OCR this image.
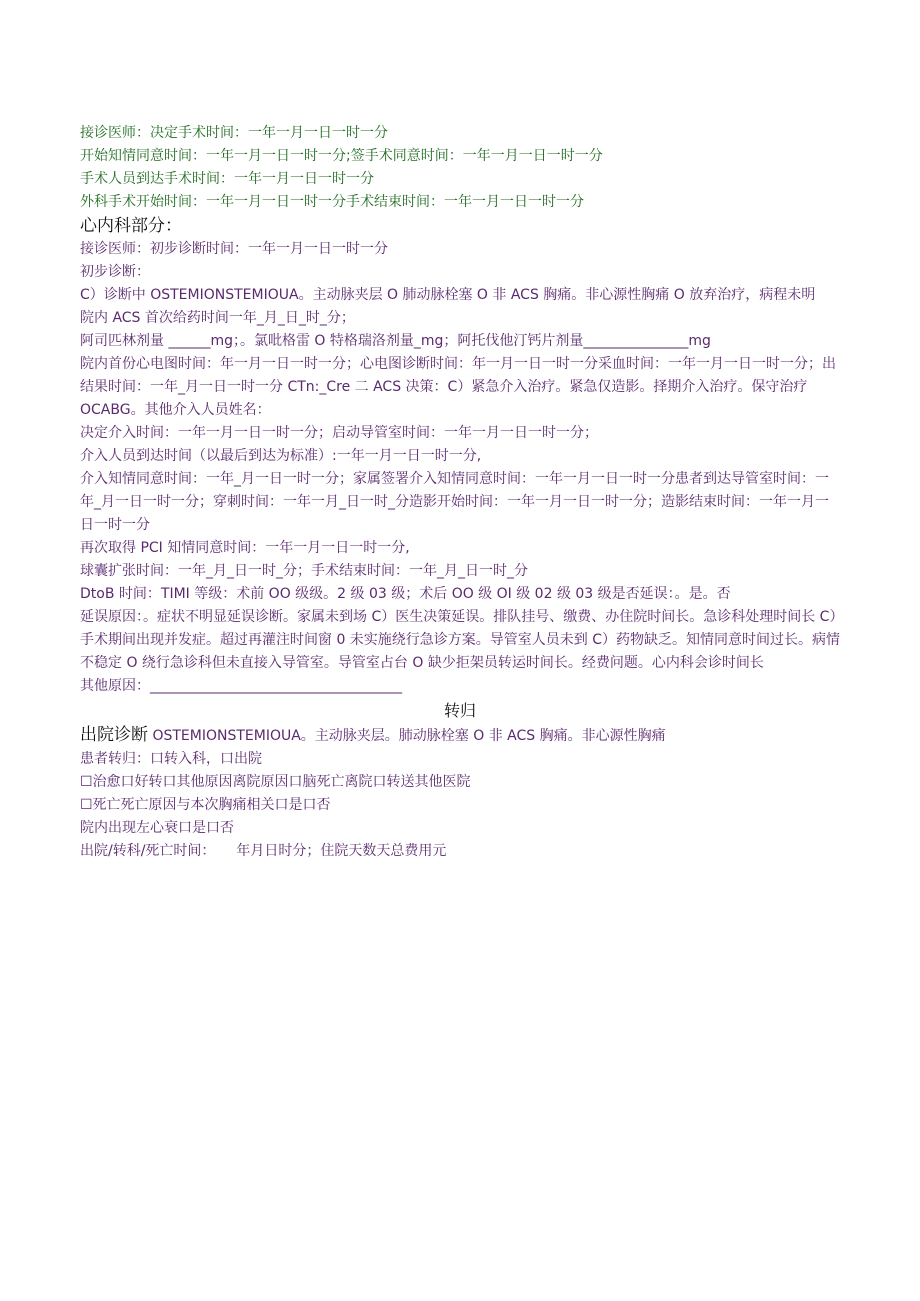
接诊医师：决定手术时间：一年一月一日一时一分
开始知情同意时间：一年一月一日一时一分;签手术同意时间：一年一月一日一时一分
手术人员到达手术时间：一年一月一日一时一分
外科手术开始时间：一年一月一日一时一分手术结束时间：一年一月一日一时一分
心内科部分：
接诊医师：初步诊断时间：一年一月一日一时一分
初步诊断：
C）诊断中 OSTEMIONSTEMIOUA。主动脉夹层 O 肺动脉栓塞 O 非 ACS 胸痛。非心源性胸痛 O 放弃治疗，病程未明
院内 ACS 首次给药时间一年_月_日_时_分；
阿司匹林剂量 ______mg；。氯吡格雷 O 特格瑞洛剂量_mg；阿托伐他汀钙片剂量_______________mg
院内首份心电图时间：年一月一日一时一分；心电图诊断时间：年一月一日一时一分采血时间：一年一月一日一时一分；出结果时间：一年_月一日一时一分 CTn:_Cre 二 ACS 决策：C）紧急介入治疗。紧急仅造影。择期介入治疗。保守治疗 OCABG。其他介入人员姓名：
决定介入时间：一年一月一日一时一分；启动导管室时间：一年一月一日一时一分；
介入人员到达时间（以最后到达为标准）:一年一月一日一时一分,
介入知情同意时间：一年_月一日一时一分；家属签署介入知情同意时间：一年一月一日一时一分患者到达导管室时间：一年_月一日一时一分；穿刺时间：一年一月_日一时_分造影开始时间：一年一月一日一时一分；造影结束时间：一年一月一日一时一分
再次取得 PCI 知情同意时间：一年一月一日一时一分,
球囊扩张时间：一年_月_日一时_分；手术结束时间：一年_月_日一时_分
DtoB 时间：TIMI 等级：术前 OO 级级。2 级 03 级；术后 OO 级 OI 级 02 级 03 级是否延误：。是。否
延误原因：。症状不明显延误诊断。家属未到场 C）医生决策延误。排队挂号、缴费、办住院时间长。急诊科处理时间长 C）手术期间出现并发症。超过再灌注时间窗 0 未实施绕行急诊方案。导管室人员未到 C）药物缺乏。知情同意时间过长。病情不稳定 O 绕行急诊科但未直接入导管室。导管室占台 O 缺少拒架员转运时间长。经费问题。心内科会诊时间长
其他原因：____________________________________
转归
出院诊断 OSTEMIONSTEMIOUA。主动脉夹层。肺动脉栓塞 O 非 ACS 胸痛。非心源性胸痛
患者转归：口转入科，口出院
☐治愈口好转口其他原因离院原因口脑死亡离院口转送其他医院
☐死亡死亡原因与本次胸痛相关口是口否
院内出现左心衰口是口否
出院/转科/死亡时间：　　年月日时分；住院天数天总费用元
